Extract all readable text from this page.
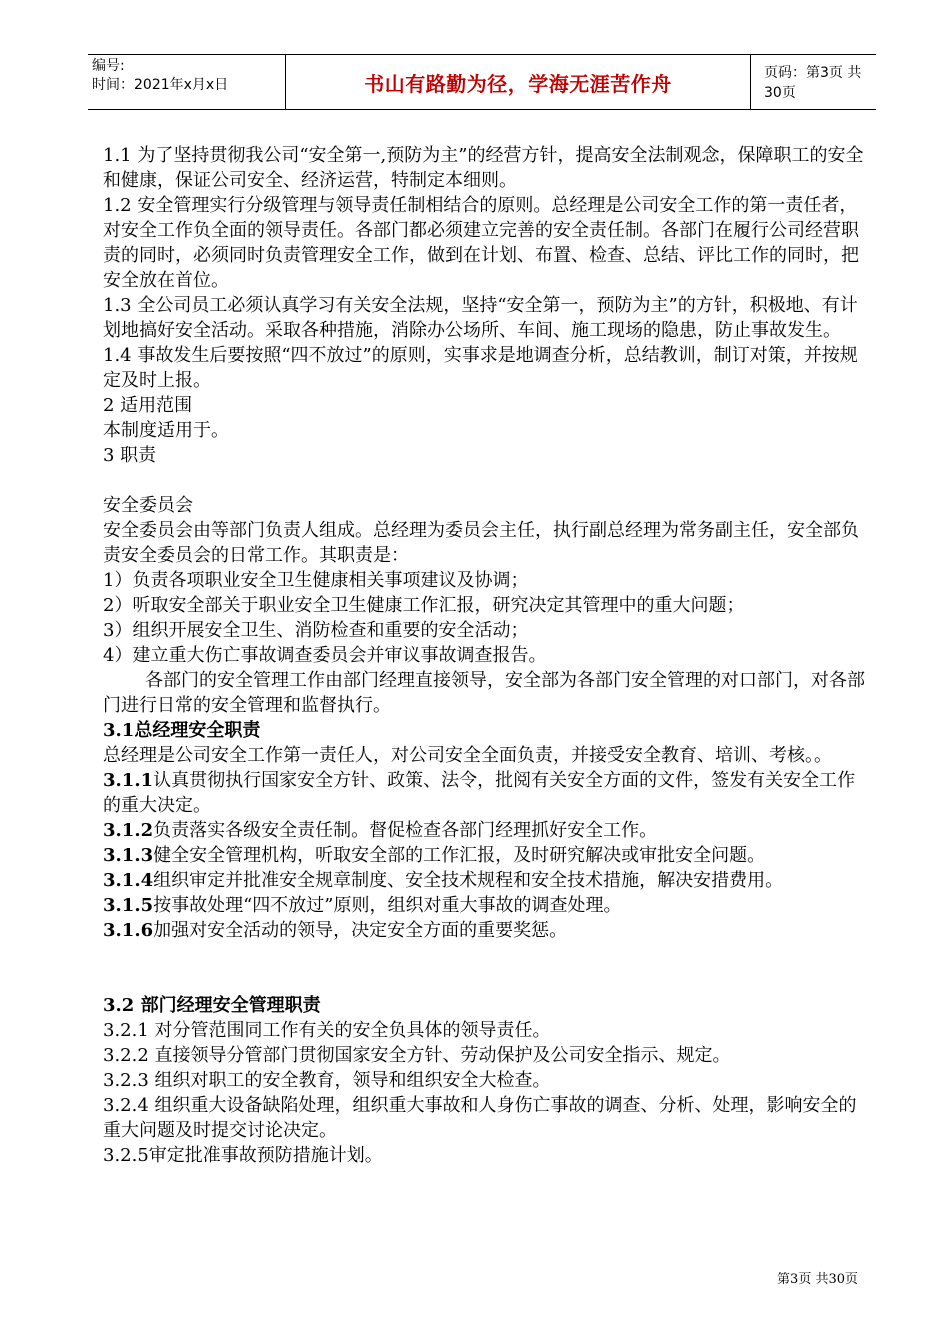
编号:
时间：2021年x月x日	书山有路勤为径，学海无涯苦作舟	页码：第3页 共30页

1.1 为了坚持贯彻我公司“安全第一,预防为主”的经营方针，提高安全法制观念，保障职工的安全和健康，保证公司安全、经济运营，特制定本细则。

1.2 安全管理实行分级管理与领导责任制相结合的原则。总经理是公司安全工作的第一责任者，对安全工作负全面的领导责任。各部门都必须建立完善的安全责任制。各部门在履行公司经营职责的同时，必须同时负责管理安全工作，做到在计划、布置、检查、总结、评比工作的同时，把安全放在首位。

1.3 全公司员工必须认真学习有关安全法规，坚持“安全第一，预防为主”的方针，积极地、有计划地搞好安全活动。采取各种措施，消除办公场所、车间、施工现场的隐患，防止事故发生。

1.4 事故发生后要按照“四不放过”的原则，实事求是地调查分析，总结教训，制订对策，并按规定及时上报。

2 适用范围

本制度适用于。

3 职责

安全委员会

安全委员会由等部门负责人组成。总经理为委员会主任，执行副总经理为常务副主任，安全部负责安全委员会的日常工作。其职责是：

1）负责各项职业安全卫生健康相关事项建议及协调；

2）听取安全部关于职业安全卫生健康工作汇报，研究决定其管理中的重大问题；

3）组织开展安全卫生、消防检查和重要的安全活动；

4）建立重大伤亡事故调查委员会并审议事故调查报告。

各部门的安全管理工作由部门经理直接领导，安全部为各部门安全管理的对口部门，对各部门进行日常的安全管理和监督执行。

3.1总经理安全职责

总经理是公司安全工作第一责任人，对公司安全全面负责，并接受安全教育、培训、考核。。

3.1.1认真贯彻执行国家安全方针、政策、法令，批阅有关安全方面的文件，签发有关安全工作的重大决定。

3.1.2负责落实各级安全责任制。督促检查各部门经理抓好安全工作。

3.1.3健全安全管理机构，听取安全部的工作汇报，及时研究解决或审批安全问题。

3.1.4组织审定并批准安全规章制度、安全技术规程和安全技术措施，解决安措费用。

3.1.5按事故处理“四不放过”原则，组织对重大事故的调查处理。

3.1.6加强对安全活动的领导，决定安全方面的重要奖惩。

3.2 部门经理安全管理职责

3.2.1 对分管范围同工作有关的安全负具体的领导责任。

3.2.2 直接领导分管部门贯彻国家安全方针、劳动保护及公司安全指示、规定。

3.2.3 组织对职工的安全教育，领导和组织安全大检查。

3.2.4 组织重大设备缺陷处理，组织重大事故和人身伤亡事故的调查、分析、处理，影响安全的重大问题及时提交讨论决定。

3.2.5审定批准事故预防措施计划。

第3页 共30页
